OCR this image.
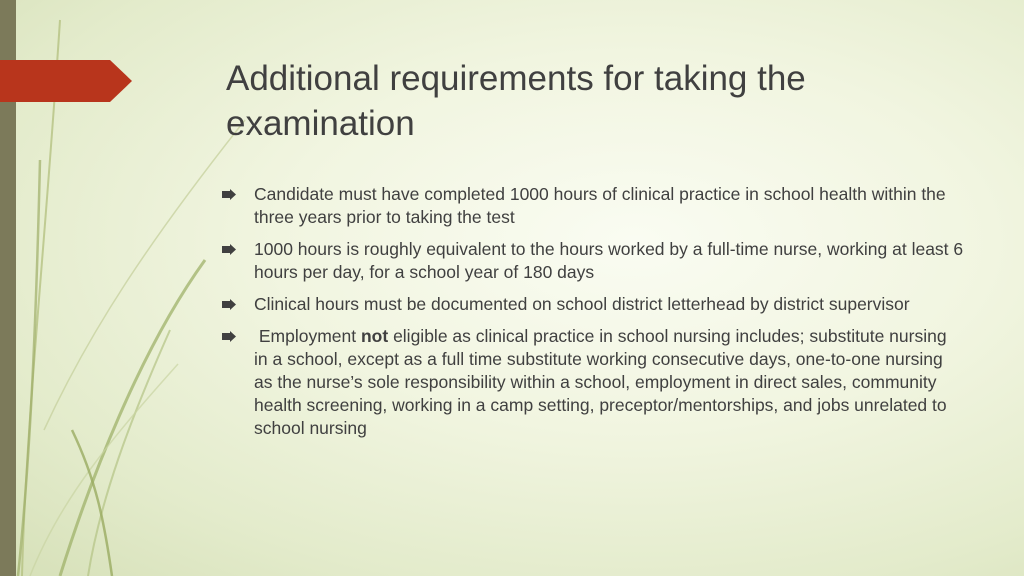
Additional requirements for taking the examination
Candidate must have completed 1000 hours of clinical practice in school health within the three years prior to taking the test
1000 hours is roughly equivalent to the hours worked by a full-time nurse, working at least 6 hours per day, for a school year of 180 days
Clinical hours must be documented on school district letterhead by district supervisor
Employment not eligible as clinical practice in school nursing includes; substitute nursing in a school, except as a full time substitute working consecutive days, one-to-one nursing as the nurse’s sole responsibility within a school, employment in direct sales, community health screening, working in a camp setting, preceptor/mentorships, and jobs unrelated to school nursing
